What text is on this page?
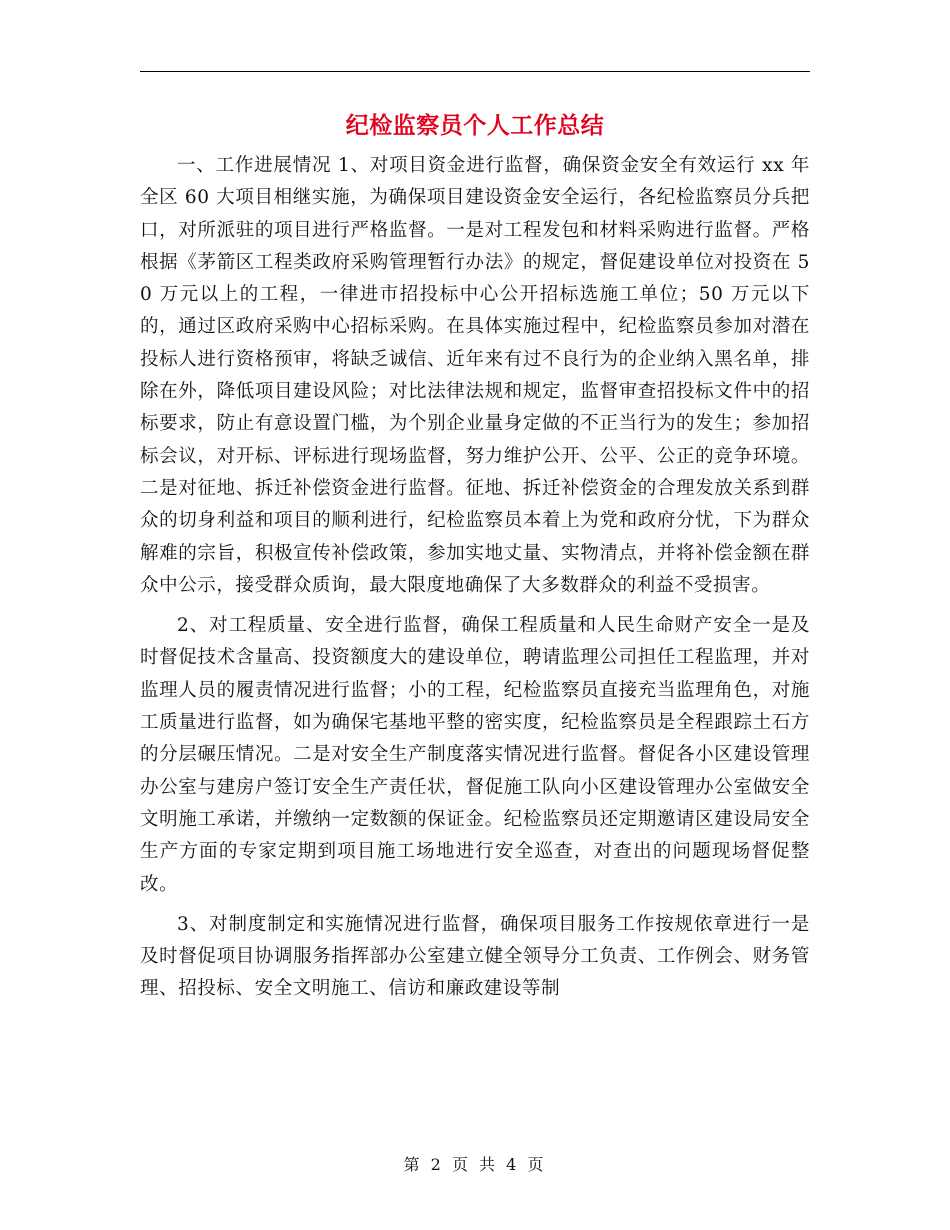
纪检监察员个人工作总结

一、工作进展情况 1、对项目资金进行监督，确保资金安全有效运行 xx 年全区 60 大项目相继实施，为确保项目建设资金安全运行，各纪检监察员分兵把口，对所派驻的项目进行严格监督。一是对工程发包和材料采购进行监督。严格根据《茅箭区工程类政府采购管理暂行办法》的规定，督促建设单位对投资在 50 万元以上的工程，一律进市招投标中心公开招标选施工单位；50 万元以下的，通过区政府采购中心招标采购。在具体实施过程中，纪检监察员参加对潜在投标人进行资格预审，将缺乏诚信、近年来有过不良行为的企业纳入黑名单，排除在外，降低项目建设风险；对比法律法规和规定，监督审查招投标文件中的招标要求，防止有意设置门槛，为个别企业量身定做的不正当行为的发生；参加招标会议，对开标、评标进行现场监督，努力维护公开、公平、公正的竞争环境。二是对征地、拆迁补偿资金进行监督。征地、拆迁补偿资金的合理发放关系到群众的切身利益和项目的顺利进行，纪检监察员本着上为党和政府分忧，下为群众解难的宗旨，积极宣传补偿政策，参加实地丈量、实物清点，并将补偿金额在群众中公示，接受群众质询，最大限度地确保了大多数群众的利益不受损害。

2、对工程质量、安全进行监督，确保工程质量和人民生命财产安全一是及时督促技术含量高、投资额度大的建设单位，聘请监理公司担任工程监理，并对监理人员的履责情况进行监督；小的工程，纪检监察员直接充当监理角色，对施工质量进行监督，如为确保宅基地平整的密实度，纪检监察员是全程跟踪土石方的分层碾压情况。二是对安全生产制度落实情况进行监督。督促各小区建设管理办公室与建房户签订安全生产责任状，督促施工队向小区建设管理办公室做安全文明施工承诺，并缴纳一定数额的保证金。纪检监察员还定期邀请区建设局安全生产方面的专家定期到项目施工场地进行安全巡查，对查出的问题现场督促整改。

3、对制度制定和实施情况进行监督，确保项目服务工作按规依章进行一是及时督促项目协调服务指挥部办公室建立健全领导分工负责、工作例会、财务管理、招投标、安全文明施工、信访和廉政建设等制

第 2 页 共 4 页
